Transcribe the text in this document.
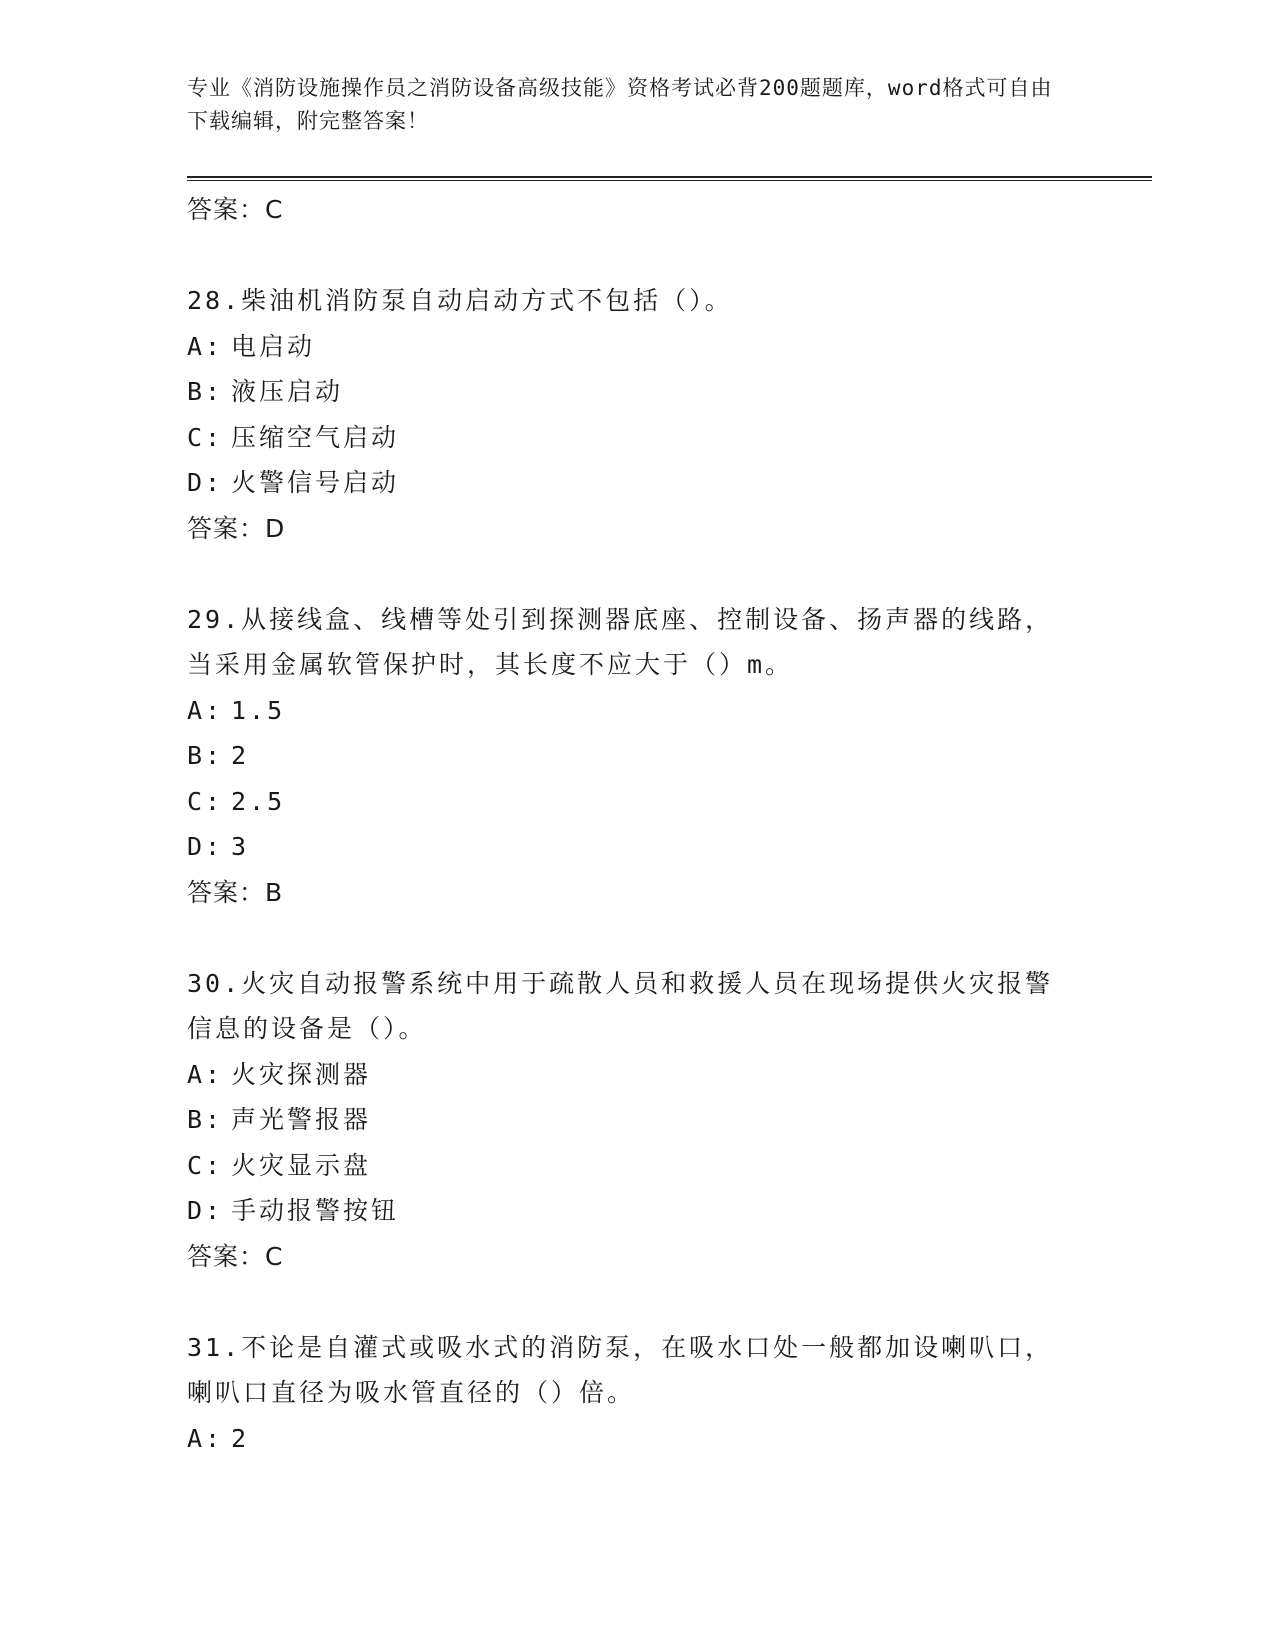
专业《消防设施操作员之消防设备高级技能》资格考试必背200题题库，word格式可自由下载编辑，附完整答案！
答案：C
28.柴油机消防泵自动启动方式不包括（）。
A: 电启动
B: 液压启动
C: 压缩空气启动
D: 火警信号启动
答案：D
29.从接线盒、线槽等处引到探测器底座、控制设备、扬声器的线路，当采用金属软管保护时，其长度不应大于（）m。
A: 1.5
B: 2
C: 2.5
D: 3
答案：B
30.火灾自动报警系统中用于疏散人员和救援人员在现场提供火灾报警信息的设备是（）。
A: 火灾探测器
B: 声光警报器
C: 火灾显示盘
D: 手动报警按钮
答案：C
31.不论是自灌式或吸水式的消防泵，在吸水口处一般都加设喇叭口，喇叭口直径为吸水管直径的（）倍。
A: 2
